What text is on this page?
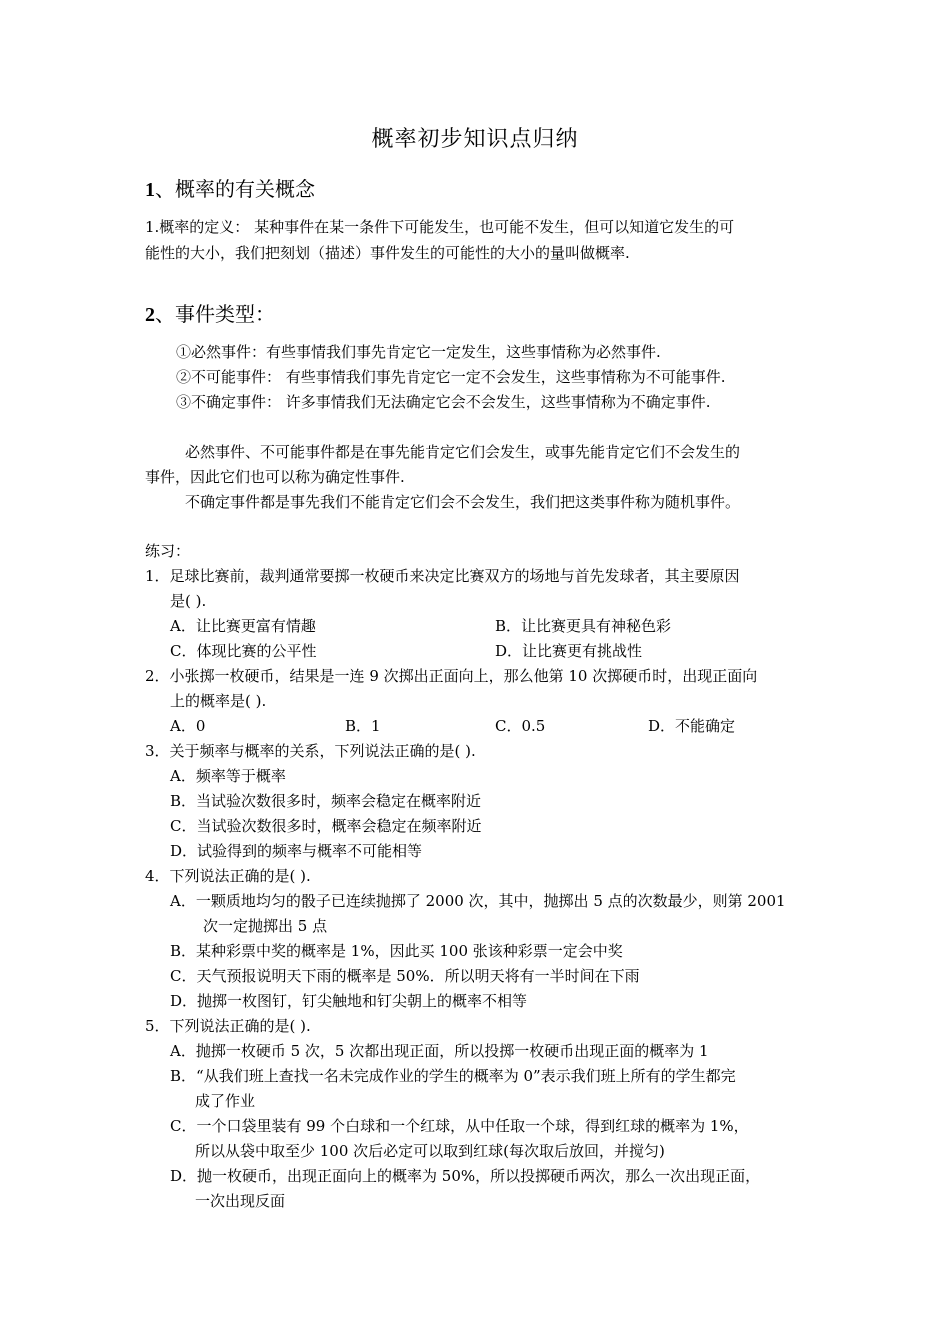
概率初步知识点归纳
1、概率的有关概念
1.概率的定义： 某种事件在某一条件下可能发生，也可能不发生，但可以知道它发生的可
能性的大小，我们把刻划（描述）事件发生的可能性的大小的量叫做概率.
2、事件类型：
①必然事件：有些事情我们事先肯定它一定发生，这些事情称为必然事件.
②不可能事件： 有些事情我们事先肯定它一定不会发生，这些事情称为不可能事件.
③不确定事件： 许多事情我们无法确定它会不会发生，这些事情称为不确定事件.
必然事件、不可能事件都是在事先能肯定它们会发生，或事先能肯定它们不会发生的
事件，因此它们也可以称为确定性事件.
不确定事件都是事先我们不能肯定它们会不会发生，我们把这类事件称为随机事件。
练习：
1．足球比赛前，裁判通常要掷一枚硬币来决定比赛双方的场地与首先发球者，其主要原因
是( ).
A．让比赛更富有情趣	B．让比赛更具有神秘色彩
C．体现比赛的公平性	D．让比赛更有挑战性
2．小张掷一枚硬币，结果是一连 9 次掷出正面向上，那么他第 10 次掷硬币时，出现正面向
上的概率是( ).
A．0	B．1	C．0.5	D．不能确定
3．关于频率与概率的关系，下列说法正确的是( ).
A．频率等于概率
B．当试验次数很多时，频率会稳定在概率附近
C．当试验次数很多时，概率会稳定在频率附近
D．试验得到的频率与概率不可能相等
4．下列说法正确的是( ).
A．一颗质地均匀的骰子已连续抛掷了 2000 次，其中，抛掷出 5 点的次数最少，则第 2001
次一定抛掷出 5 点
B．某种彩票中奖的概率是 1%，因此买 100 张该种彩票一定会中奖
C．天气预报说明天下雨的概率是 50%．所以明天将有一半时间在下雨
D．抛掷一枚图钉，钉尖触地和钉尖朝上的概率不相等
5．下列说法正确的是( ).
A．抛掷一枚硬币 5 次，5 次都出现正面，所以投掷一枚硬币出现正面的概率为 1
B．“从我们班上查找一名未完成作业的学生的概率为 0”表示我们班上所有的学生都完
成了作业
C．一个口袋里装有 99 个白球和一个红球，从中任取一个球，得到红球的概率为 1%，
所以从袋中取至少 100 次后必定可以取到红球(每次取后放回，并搅匀)
D．抛一枚硬币，出现正面向上的概率为 50%，所以投掷硬币两次，那么一次出现正面，
一次出现反面
